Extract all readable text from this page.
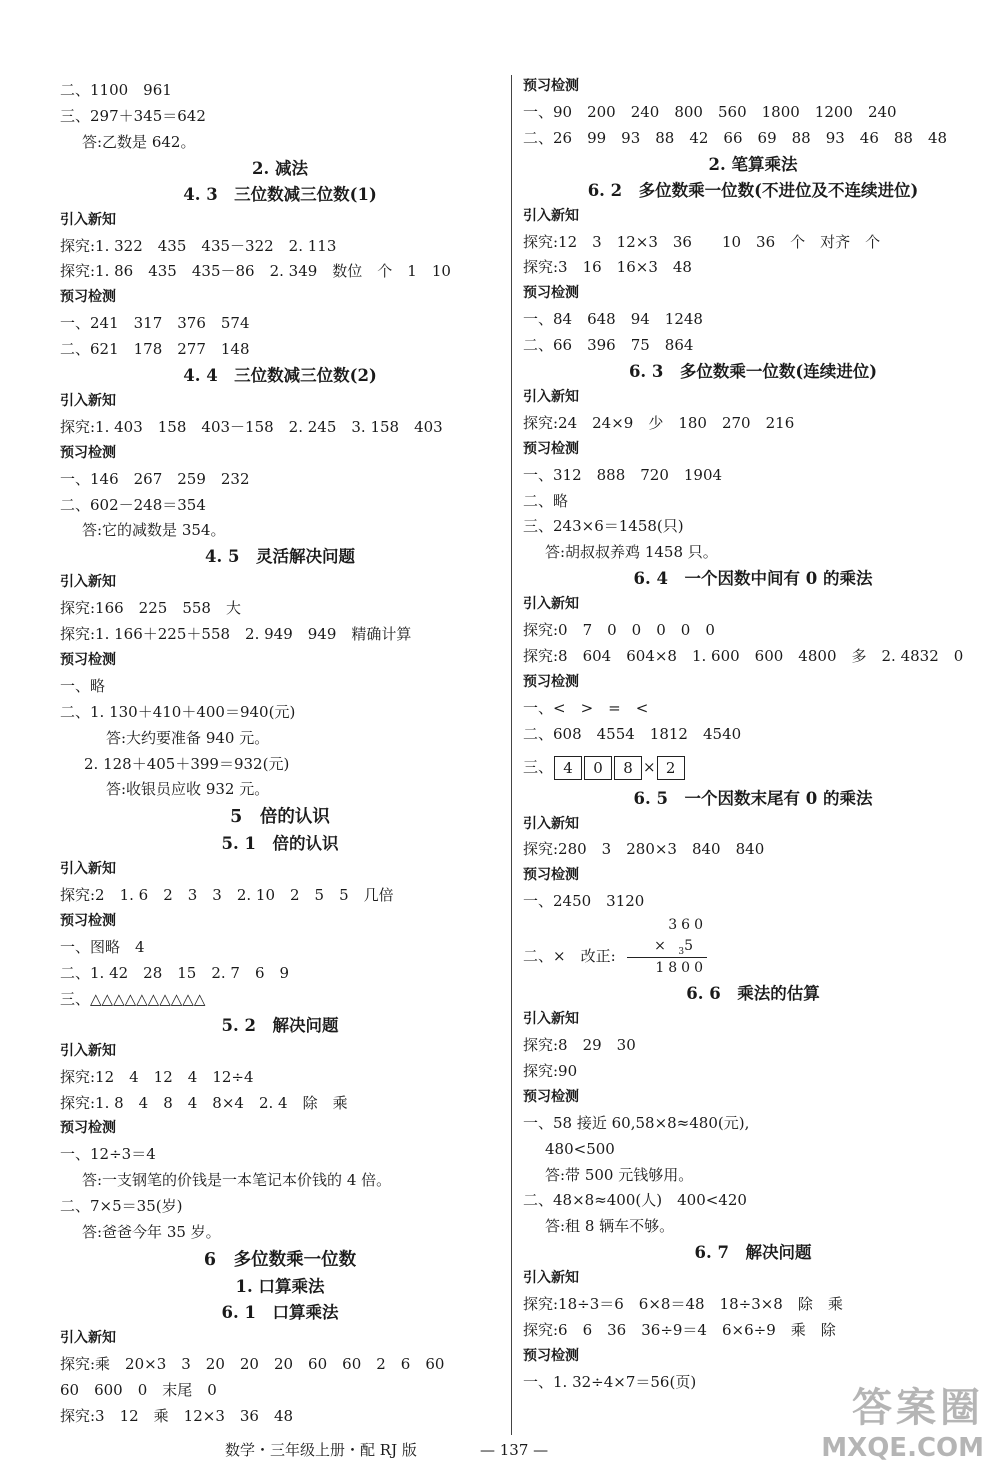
二、1100　961
三、297＋345＝642
答:乙数是 642。
2. 减法
4. 3　三位数减三位数(1)
引入新知
探究:1. 322　435　435－322　2. 113
探究:1. 86　435　435－86　2. 349　数位　个　1　10
预习检测
一、241　317　376　574
二、621　178　277　148
4. 4　三位数减三位数(2)
引入新知
探究:1. 403　158　403－158　2. 245　3. 158　403
预习检测
一、146　267　259　232
二、602－248＝354
答:它的减数是 354。
4. 5　灵活解决问题
引入新知
探究:166　225　558　大
探究:1. 166＋225＋558　2. 949　949　精确计算
预习检测
一、略
二、1. 130＋410＋400＝940(元)
答:大约要准备 940 元。
2. 128＋405＋399＝932(元)
答:收银员应收 932 元。
5　倍的认识
5. 1　倍的认识
引入新知
探究:2　1. 6　2　3　3　2. 10　2　5　5　几倍
预习检测
一、图略　4
二、1. 42　28　15　2. 7　6　9
三、△△△△△△△△△△
5. 2　解决问题
引入新知
探究:12　4　12　4　12÷4
探究:1. 8　4　8　4　8×4　2. 4　除　乘
预习检测
一、12÷3＝4
答:一支钢笔的价钱是一本笔记本价钱的 4 倍。
二、7×5＝35(岁)
答:爸爸今年 35 岁。
6　多位数乘一位数
1. 口算乘法
6. 1　口算乘法
引入新知
探究:乘　20×3　3　20　20　20　60　60　2　6　60
60　600　0　末尾　0
探究:3　12　乘　12×3　36　48
预习检测
一、90　200　240　800　560　1800　1200　240
二、26　99　93　88　42　66　69　88　93　46　88　48
2. 笔算乘法
6. 2　多位数乘一位数(不进位及不连续进位)
引入新知
探究:12　3　12×3　36　　10　36　个　对齐　个
探究:3　16　16×3　48
预习检测
一、84　648　94　1248
二、66　396　75　864
6. 3　多位数乘一位数(连续进位)
引入新知
探究:24　24×9　少　180　270　216
预习检测
一、312　888　720　1904
二、略
三、243×6＝1458(只)
答:胡叔叔养鸡 1458 只。
6. 4　一个因数中间有 0 的乘法
引入新知
探究:0　7　0　0　0　0　0
探究:8　604　604×8　1. 600　600　4800　多　2. 4832　0
预习检测
一、<　>　=　<
二、608　4554　1812　4540
三、 4 0 8 × 2
6. 5　一个因数末尾有 0 的乘法
引入新知
探究:280　3　280×3　840　840
预习检测
一、2450　3120
二、×　改正:
360
× $_3$5
1800
6. 6　乘法的估算
引入新知
探究:8　29　30
探究:90
预习检测
一、58 接近 60,58×8≈480(元),
480<500
答:带 500 元钱够用。
二、48×8≈400(人)　400<420
答:租 8 辆车不够。
6. 7　解决问题
引入新知
探究:18÷3＝6　6×8＝48　18÷3×8　除　乘
探究:6　6　36　36÷9＝4　6×6÷9　乘　除
预习检测
一、1. 32÷4×7＝56(页)
数学・三年级上册・配 RJ 版	— 137 —
答案圈
MXQE.COM
